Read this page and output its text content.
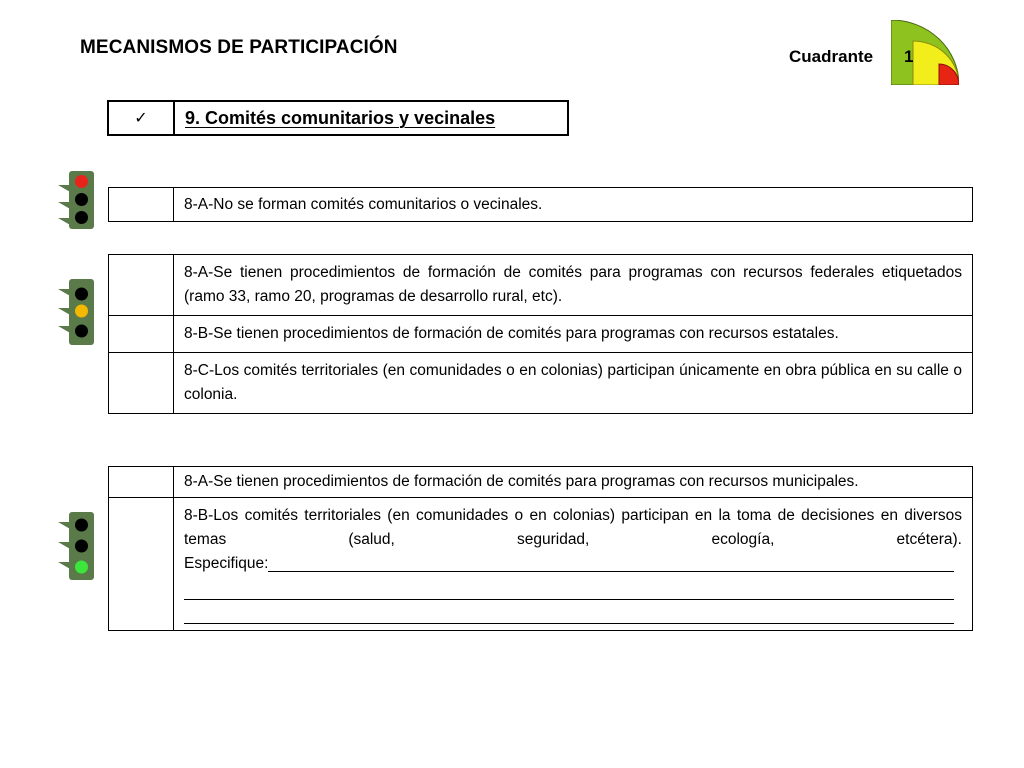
MECANISMOS DE PARTICIPACIÓN	Cuadrante 1
✓	9. Comités comunitarios y vecinales
	8-A-No se forman comités comunitarios o vecinales.
	8-A-Se tienen procedimientos de formación de comités para programas con recursos federales etiquetados (ramo 33, ramo 20, programas de desarrollo rural, etc).
	8-B-Se tienen procedimientos de formación de comités para programas con recursos estatales.
	8-C-Los comités territoriales (en comunidades o en colonias) participan únicamente en obra pública en su calle o colonia.
	8-A-Se tienen procedimientos de formación de comités para programas con recursos municipales.

	8-B-Los comités territoriales (en comunidades o en colonias) participan en la toma de decisiones en diversos temas (salud, seguridad, ecología, etcétera).
Especifique:
